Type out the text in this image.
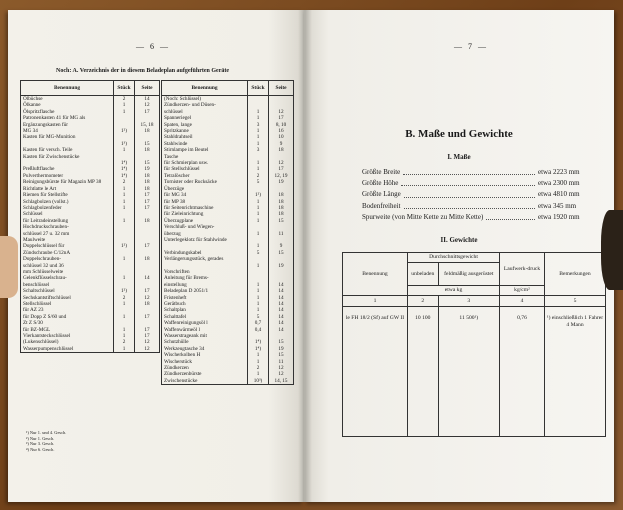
— 6 —
Noch: A. Verzeichnis der in diesem Beladeplan aufgeführten Geräte
Benennung	Stück	Seite
Ölbüchse	2	14
Ölkanne	1	12
Ölspritzflasche	1	17

Patronenkasten 41 für MG als		
Ergänzungskasten für		15, 18
MG 34	1²)	18
Kasten für MG-Munition		
	1³)	15
Kasten für versch. Teile	1	18
Kasten für Zwischenstücke		
	1⁴)	15
Preßluftflasche	1⁴)	19
Pulverthermometer	1⁴)	18

Reinigungsbürste für Magazin MP 38	2	18
Richtlatte le Art	1	18
Riemen für Stellstifte	1	17

Schlagbolzen (vollst.)	1	17
Schlagbolzenfeder	1	17
Schlüssel		
für Leitradeinstellung	1	18
Hochdruckschrauben-		
schlüssel 27 u. 32 mm		
Maulweite		
Doppelschlüssel für	1²)	17
Zündschraube C/12nA		
Doppelschrauben-	1	18
schlüssel 32 und 36		
mm Schlüsselweite		
Gelenkflüsselschrau-	1	14
benschlüssel		
Schaltschlüssel	1²)	17
Sechskantstiftschlüssel	2	12
Stellschlüssel	1	18
für AZ 23		
für Dopp Z S/60 und	1	17
Zt Z S/30		
für BZ-MGL	1	17
Vierkantsteckschlüssel	1	17
(Lukenschlüssel)	2	12
Wasserpumpenschlüssel	1	12
Benennung	Stück	Seite
(Noch: Schlüssel)		
Zündkerzen- und Düsen-		
schlüssel	1	12
Spanneriegel	1	17
Spaten, lange	3	8, 10
Spritzkanne	1	16
Stahldrahtseil	1	10
Stahlwinde	1	9
Stirnlampe im Beutel	3	18

Tasche		
für Schmierplan usw.	1	12
für Stellschlüssel	1	17
Tetralöscher	2	12, 19
Tornister oder Rucksäcke	5	19

Überzüge		
für MG 34	1²)	18
für MP 38	1	18
für Seitenrichtmaschine	1	18
für Zieleinrichtung	1	18
Überzugplane	1	15
Verschluß- und Wiegen-		
überzug	1	11
Unterlegeklotz für Stahlwinde		
	1	9

Verbindungskabel	5	15
Verlängerungsstück, gerades		
	1	19
Vorschriften		
Anleitung für Brems-		
einstellung	1	14
Beladeplan D 2051/1	1	14
Fristenheft	1	14
Gerätbuch	1	14
Schaltplan	1	14
Schalttafel	5	14

Waffenreinigungsöl l	0,7	14
Waffenwärmeöl l	0,4	14
Wasserstrageank mit		
Schutzhülle	1⁴)	15
Werkzeugtasche 34	1⁴)	19
Wischerkolben H	1	15
Wischerstück	1	11

Zündkerzen	2	12
Zündkerzenbürste	1	12
Zwischenstücke	10³)	14, 15
¹) Nur 1. und 4. Gesch.
²) Nur 1. Gesch.
³) Nur 3. Gesch.
⁴) Nur 6. Gesch.
— 7 —
B. Maße und Gewichte
I. Maße
Größte Breite	etwa 2223 mm
Größte Höhe	etwa 2300 mm
Größte Länge	etwa 4810 mm
Bodenfreiheit	etwa 345 mm
Spurweite (von Mitte Kette zu Mitte Kette)	etwa 1920 mm
II. Gewichte
Benennung	Durchschnittsgewicht		Laufwerk-druck	Bemerkungen
	unbeladen	feldmäßig ausgerüstet		
	etwa kg		kg/cm²	
1	2	3	4	5
le FH 18/2 (Sf) auf GW II	10 100	11 500¹)	0,76	¹) einschließlich 1 Fahrer 4 Mann
